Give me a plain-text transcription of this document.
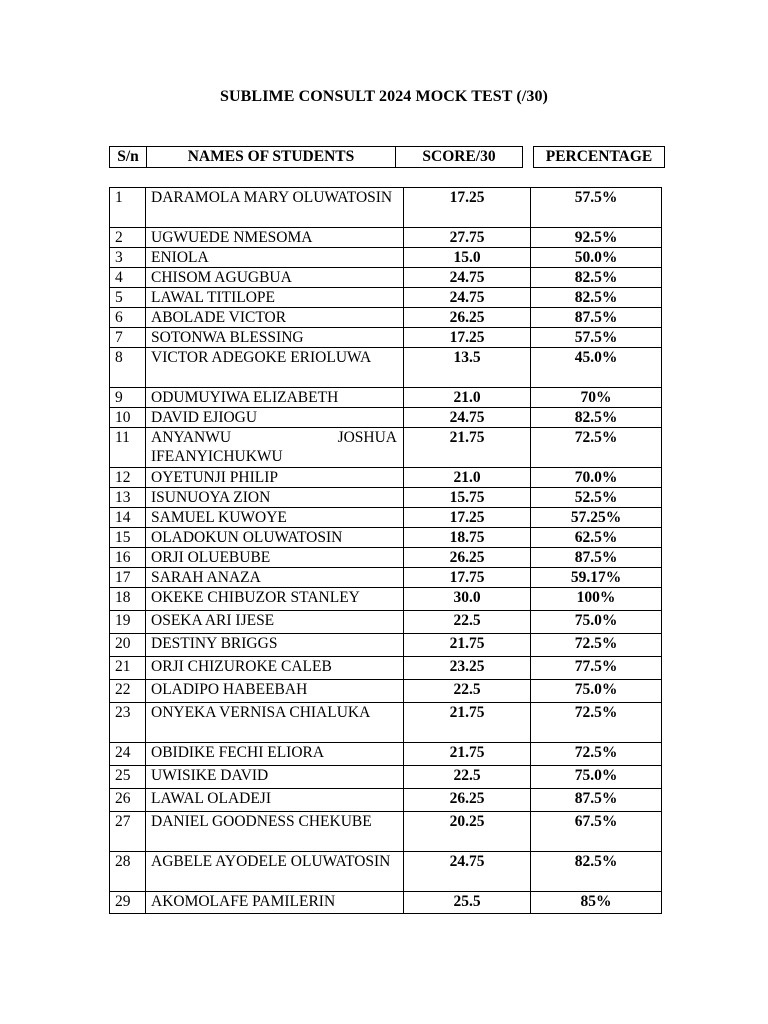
SUBLIME CONSULT 2024 MOCK TEST (/30)
S/n	NAMES OF STUDENTS	SCORE/30		PERCENTAGE
1	DARAMOLA MARY OLUWATOSIN	17.25	57.5%
2	UGWUEDE NMESOMA	27.75	92.5%
3	ENIOLA	15.0	50.0%
4	CHISOM AGUGBUA	24.75	82.5%
5	LAWAL TITILOPE	24.75	82.5%
6	ABOLADE VICTOR	26.25	87.5%
7	SOTONWA BLESSING	17.25	57.5%
8	VICTOR ADEGOKE ERIOLUWA	13.5	45.0%
9	ODUMUYIWA ELIZABETH	21.0	70%
10	DAVID EJIOGU	24.75	82.5%
11	ANYANWU JOSHUA IFEANYICHUKWU	21.75	72.5%
12	OYETUNJI PHILIP	21.0	70.0%
13	ISUNUOYA ZION	15.75	52.5%
14	SAMUEL KUWOYE	17.25	57.25%
15	OLADOKUN OLUWATOSIN	18.75	62.5%
16	ORJI OLUEBUBE	26.25	87.5%
17	SARAH ANAZA	17.75	59.17%
18	OKEKE CHIBUZOR STANLEY	30.0	100%
19	OSEKA ARI IJESE	22.5	75.0%
20	DESTINY BRIGGS	21.75	72.5%
21	ORJI CHIZUROKE CALEB	23.25	77.5%
22	OLADIPO HABEEBAH	22.5	75.0%
23	ONYEKA VERNISA CHIALUKA	21.75	72.5%
24	OBIDIKE FECHI ELIORA	21.75	72.5%
25	UWISIKE DAVID	22.5	75.0%
26	LAWAL OLADEJI	26.25	87.5%
27	DANIEL GOODNESS CHEKUBE	20.25	67.5%
28	AGBELE AYODELE OLUWATOSIN	24.75	82.5%
29	AKOMOLAFE PAMILERIN	25.5	85%
